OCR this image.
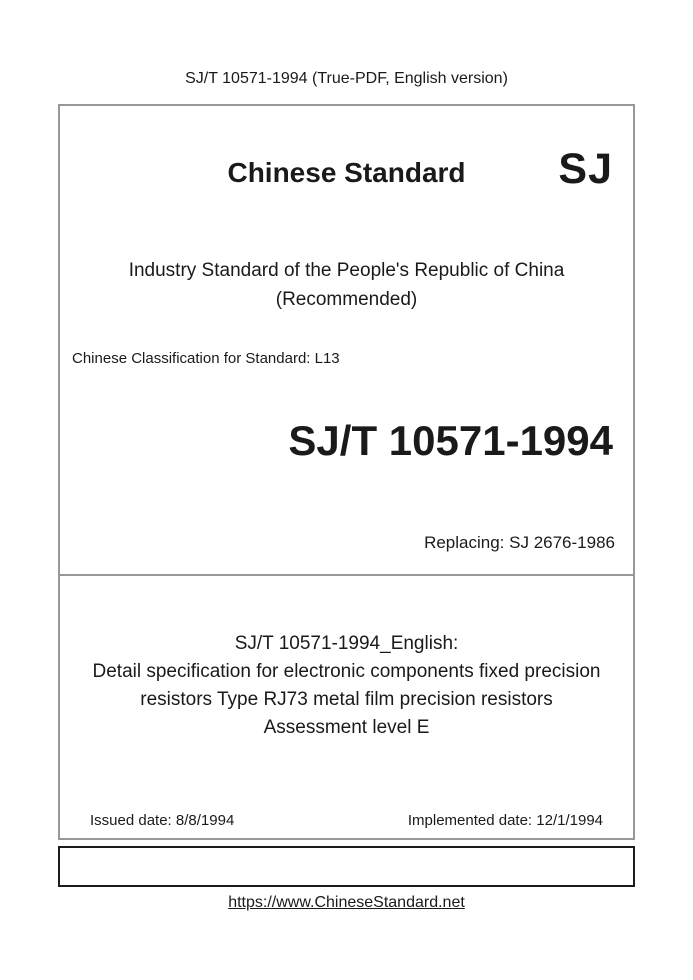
SJ/T 10571-1994 (True-PDF, English version)
Chinese Standard	SJ
Industry Standard of the People's Republic of China
(Recommended)
Chinese Classification for Standard: L13
SJ/T 10571-1994
Replacing: SJ 2676-1986
SJ/T 10571-1994_English:
Detail specification for electronic components fixed precision
resistors Type RJ73 metal film precision resistors
Assessment level E
Issued date: 8/8/1994	Implemented date: 12/1/1994
https://www.ChineseStandard.net
